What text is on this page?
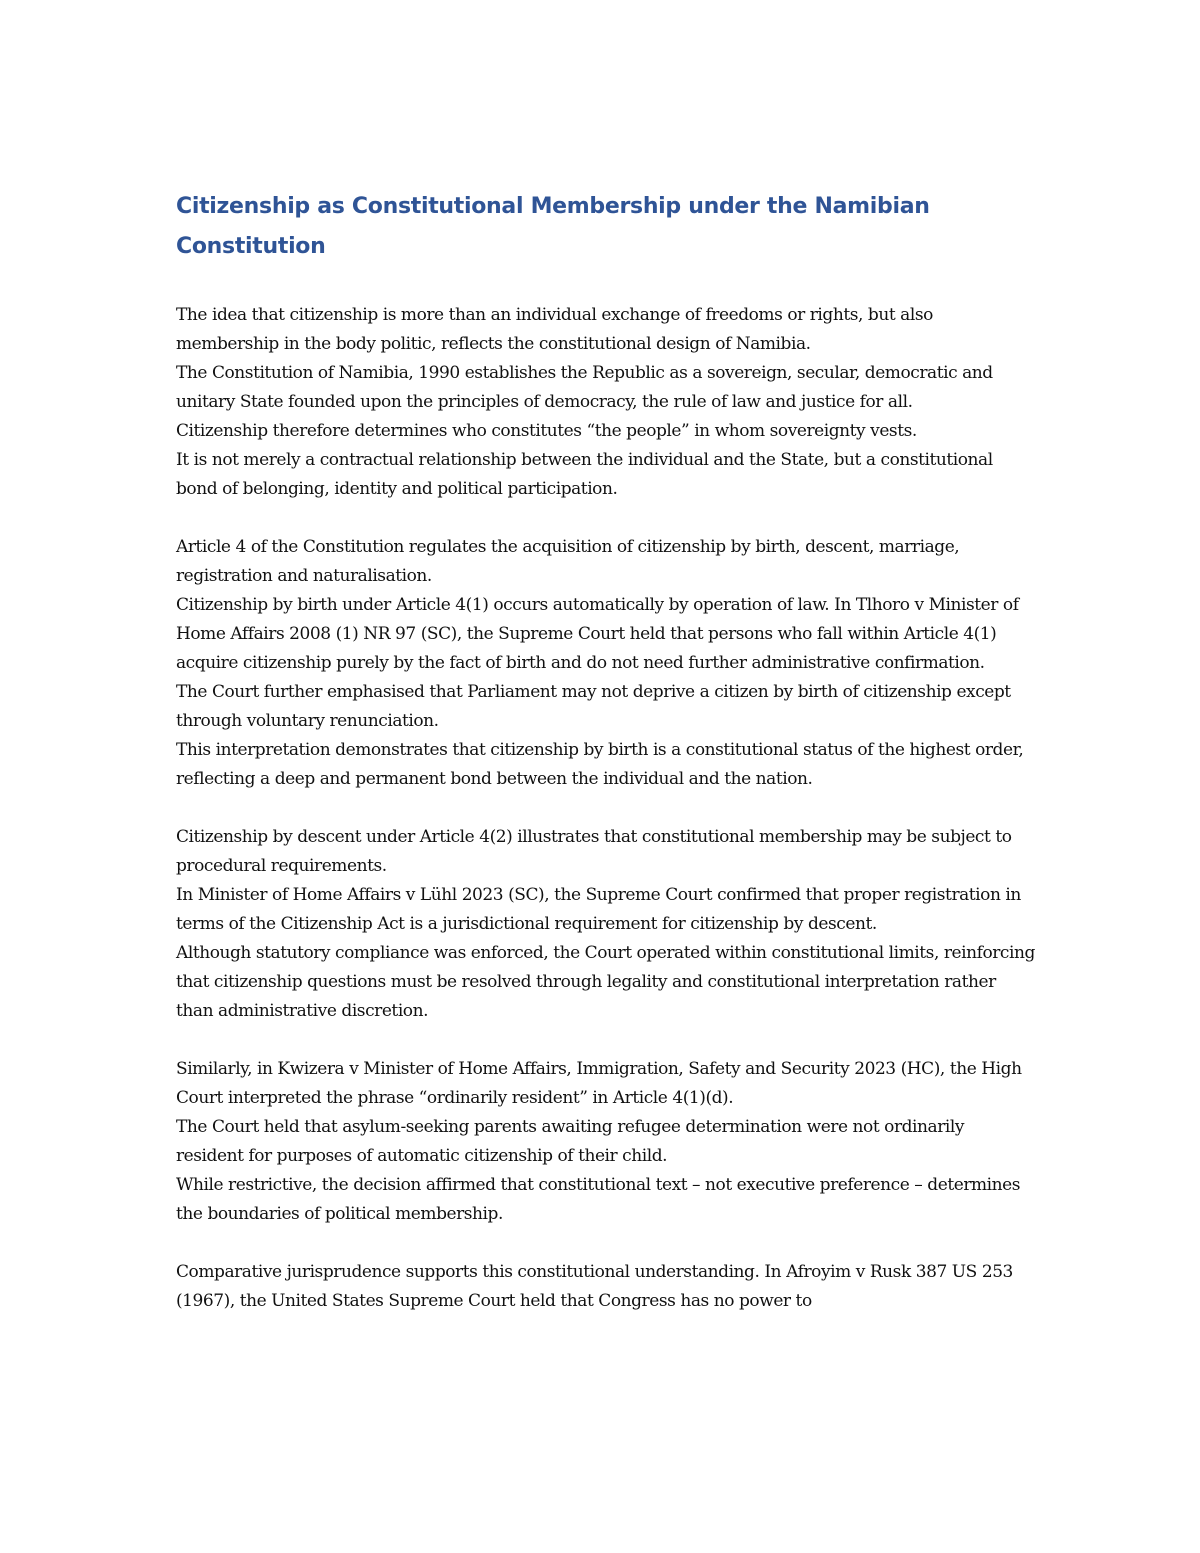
Citizenship as Constitutional Membership under the Namibian Constitution

The idea that citizenship is more than an individual exchange of freedoms or rights, but also membership in the body politic, reflects the constitutional design of Namibia.

The Constitution of Namibia, 1990 establishes the Republic as a sovereign, secular, democratic and unitary State founded upon the principles of democracy, the rule of law and justice for all.

Citizenship therefore determines who constitutes “the people” in whom sovereignty vests.

It is not merely a contractual relationship between the individual and the State, but a constitutional bond of belonging, identity and political participation.

Article 4 of the Constitution regulates the acquisition of citizenship by birth, descent, marriage, registration and naturalisation.

Citizenship by birth under Article 4(1) occurs automatically by operation of law. In Tlhoro v Minister of Home Affairs 2008 (1) NR 97 (SC), the Supreme Court held that persons who fall within Article 4(1) acquire citizenship purely by the fact of birth and do not need further administrative confirmation.

The Court further emphasised that Parliament may not deprive a citizen by birth of citizenship except through voluntary renunciation.

This interpretation demonstrates that citizenship by birth is a constitutional status of the highest order, reflecting a deep and permanent bond between the individual and the nation.

Citizenship by descent under Article 4(2) illustrates that constitutional membership may be subject to procedural requirements.

In Minister of Home Affairs v Lühl 2023 (SC), the Supreme Court confirmed that proper registration in terms of the Citizenship Act is a jurisdictional requirement for citizenship by descent.

Although statutory compliance was enforced, the Court operated within constitutional limits, reinforcing that citizenship questions must be resolved through legality and constitutional interpretation rather than administrative discretion.

Similarly, in Kwizera v Minister of Home Affairs, Immigration, Safety and Security 2023 (HC), the High Court interpreted the phrase “ordinarily resident” in Article 4(1)(d).

The Court held that asylum-seeking parents awaiting refugee determination were not ordinarily resident for purposes of automatic citizenship of their child.

While restrictive, the decision affirmed that constitutional text – not executive preference – determines the boundaries of political membership.

Comparative jurisprudence supports this constitutional understanding. In Afroyim v Rusk 387 US 253 (1967), the United States Supreme Court held that Congress has no power to
